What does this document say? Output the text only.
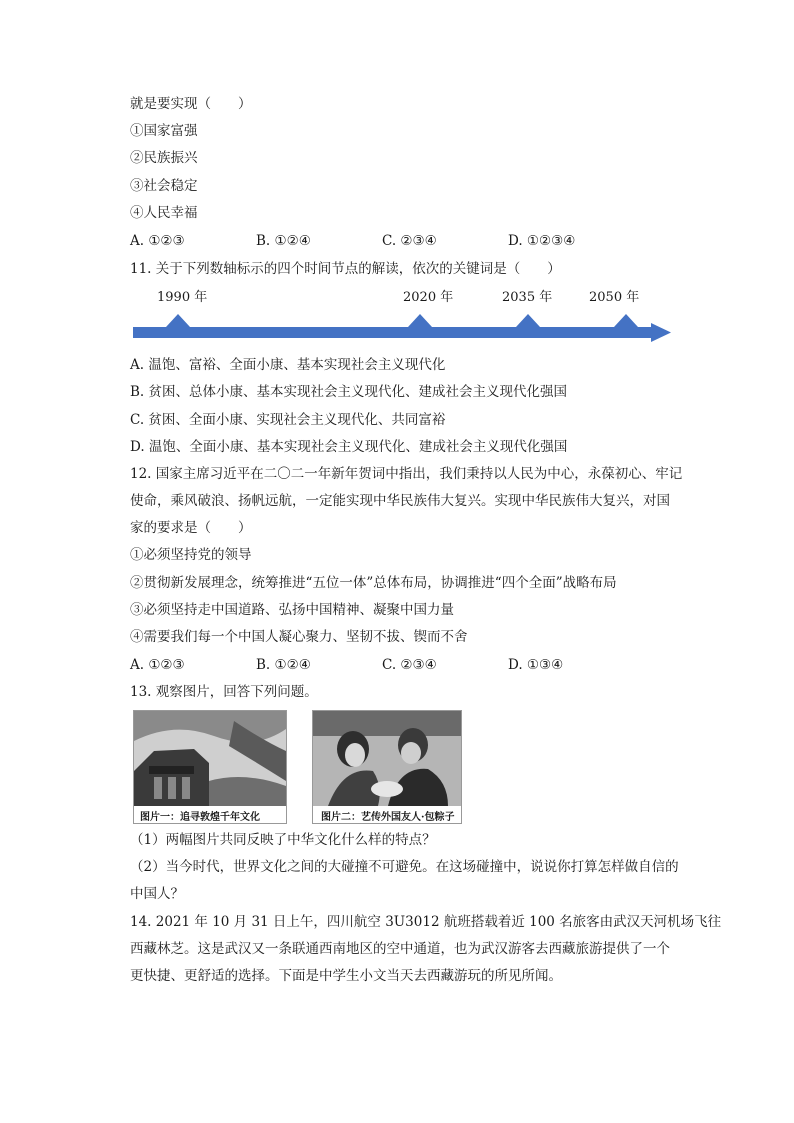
就是要实现（　　）
①国家富强
②民族振兴
③社会稳定
④人民幸福
A. ①②③	B. ①②④	C. ②③④	D. ①②③④
11. 关于下列数轴标示的四个时间节点的解读，依次的关键词是（　　）
1990 年	2020 年	2035 年	2050 年
A. 温饱、富裕、全面小康、基本实现社会主义现代化
B. 贫困、总体小康、基本实现社会主义现代化、建成社会主义现代化强国
C. 贫困、全面小康、实现社会主义现代化、共同富裕
D. 温饱、全面小康、基本实现社会主义现代化、建成社会主义现代化强国
12. 国家主席习近平在二〇二一年新年贺词中指出，我们秉持以人民为中心，永葆初心、牢记
使命，乘风破浪、扬帆远航，一定能实现中华民族伟大复兴。实现中华民族伟大复兴，对国
家的要求是（　　）
①必须坚持党的领导
②贯彻新发展理念，统筹推进“五位一体”总体布局，协调推进“四个全面”战略布局
③必须坚持走中国道路、弘扬中国精神、凝聚中国力量
④需要我们每一个中国人凝心聚力、坚韧不拔、锲而不舍
A. ①②③	B. ①②④	C. ②③④	D. ①③④
13. 观察图片，回答下列问题。
图片一：追寻敦煌千年文化	图片二：艺传外国友人·包粽子
（1）两幅图片共同反映了中华文化什么样的特点？
（2）当今时代，世界文化之间的大碰撞不可避免。在这场碰撞中，说说你打算怎样做自信的
中国人？
14. 2021 年 10 月 31 日上午，四川航空 3U3012 航班搭载着近 100 名旅客由武汉天河机场飞往
西藏林芝。这是武汉又一条联通西南地区的空中通道，也为武汉游客去西藏旅游提供了一个
更快捷、更舒适的选择。下面是中学生小文当天去西藏游玩的所见所闻。
